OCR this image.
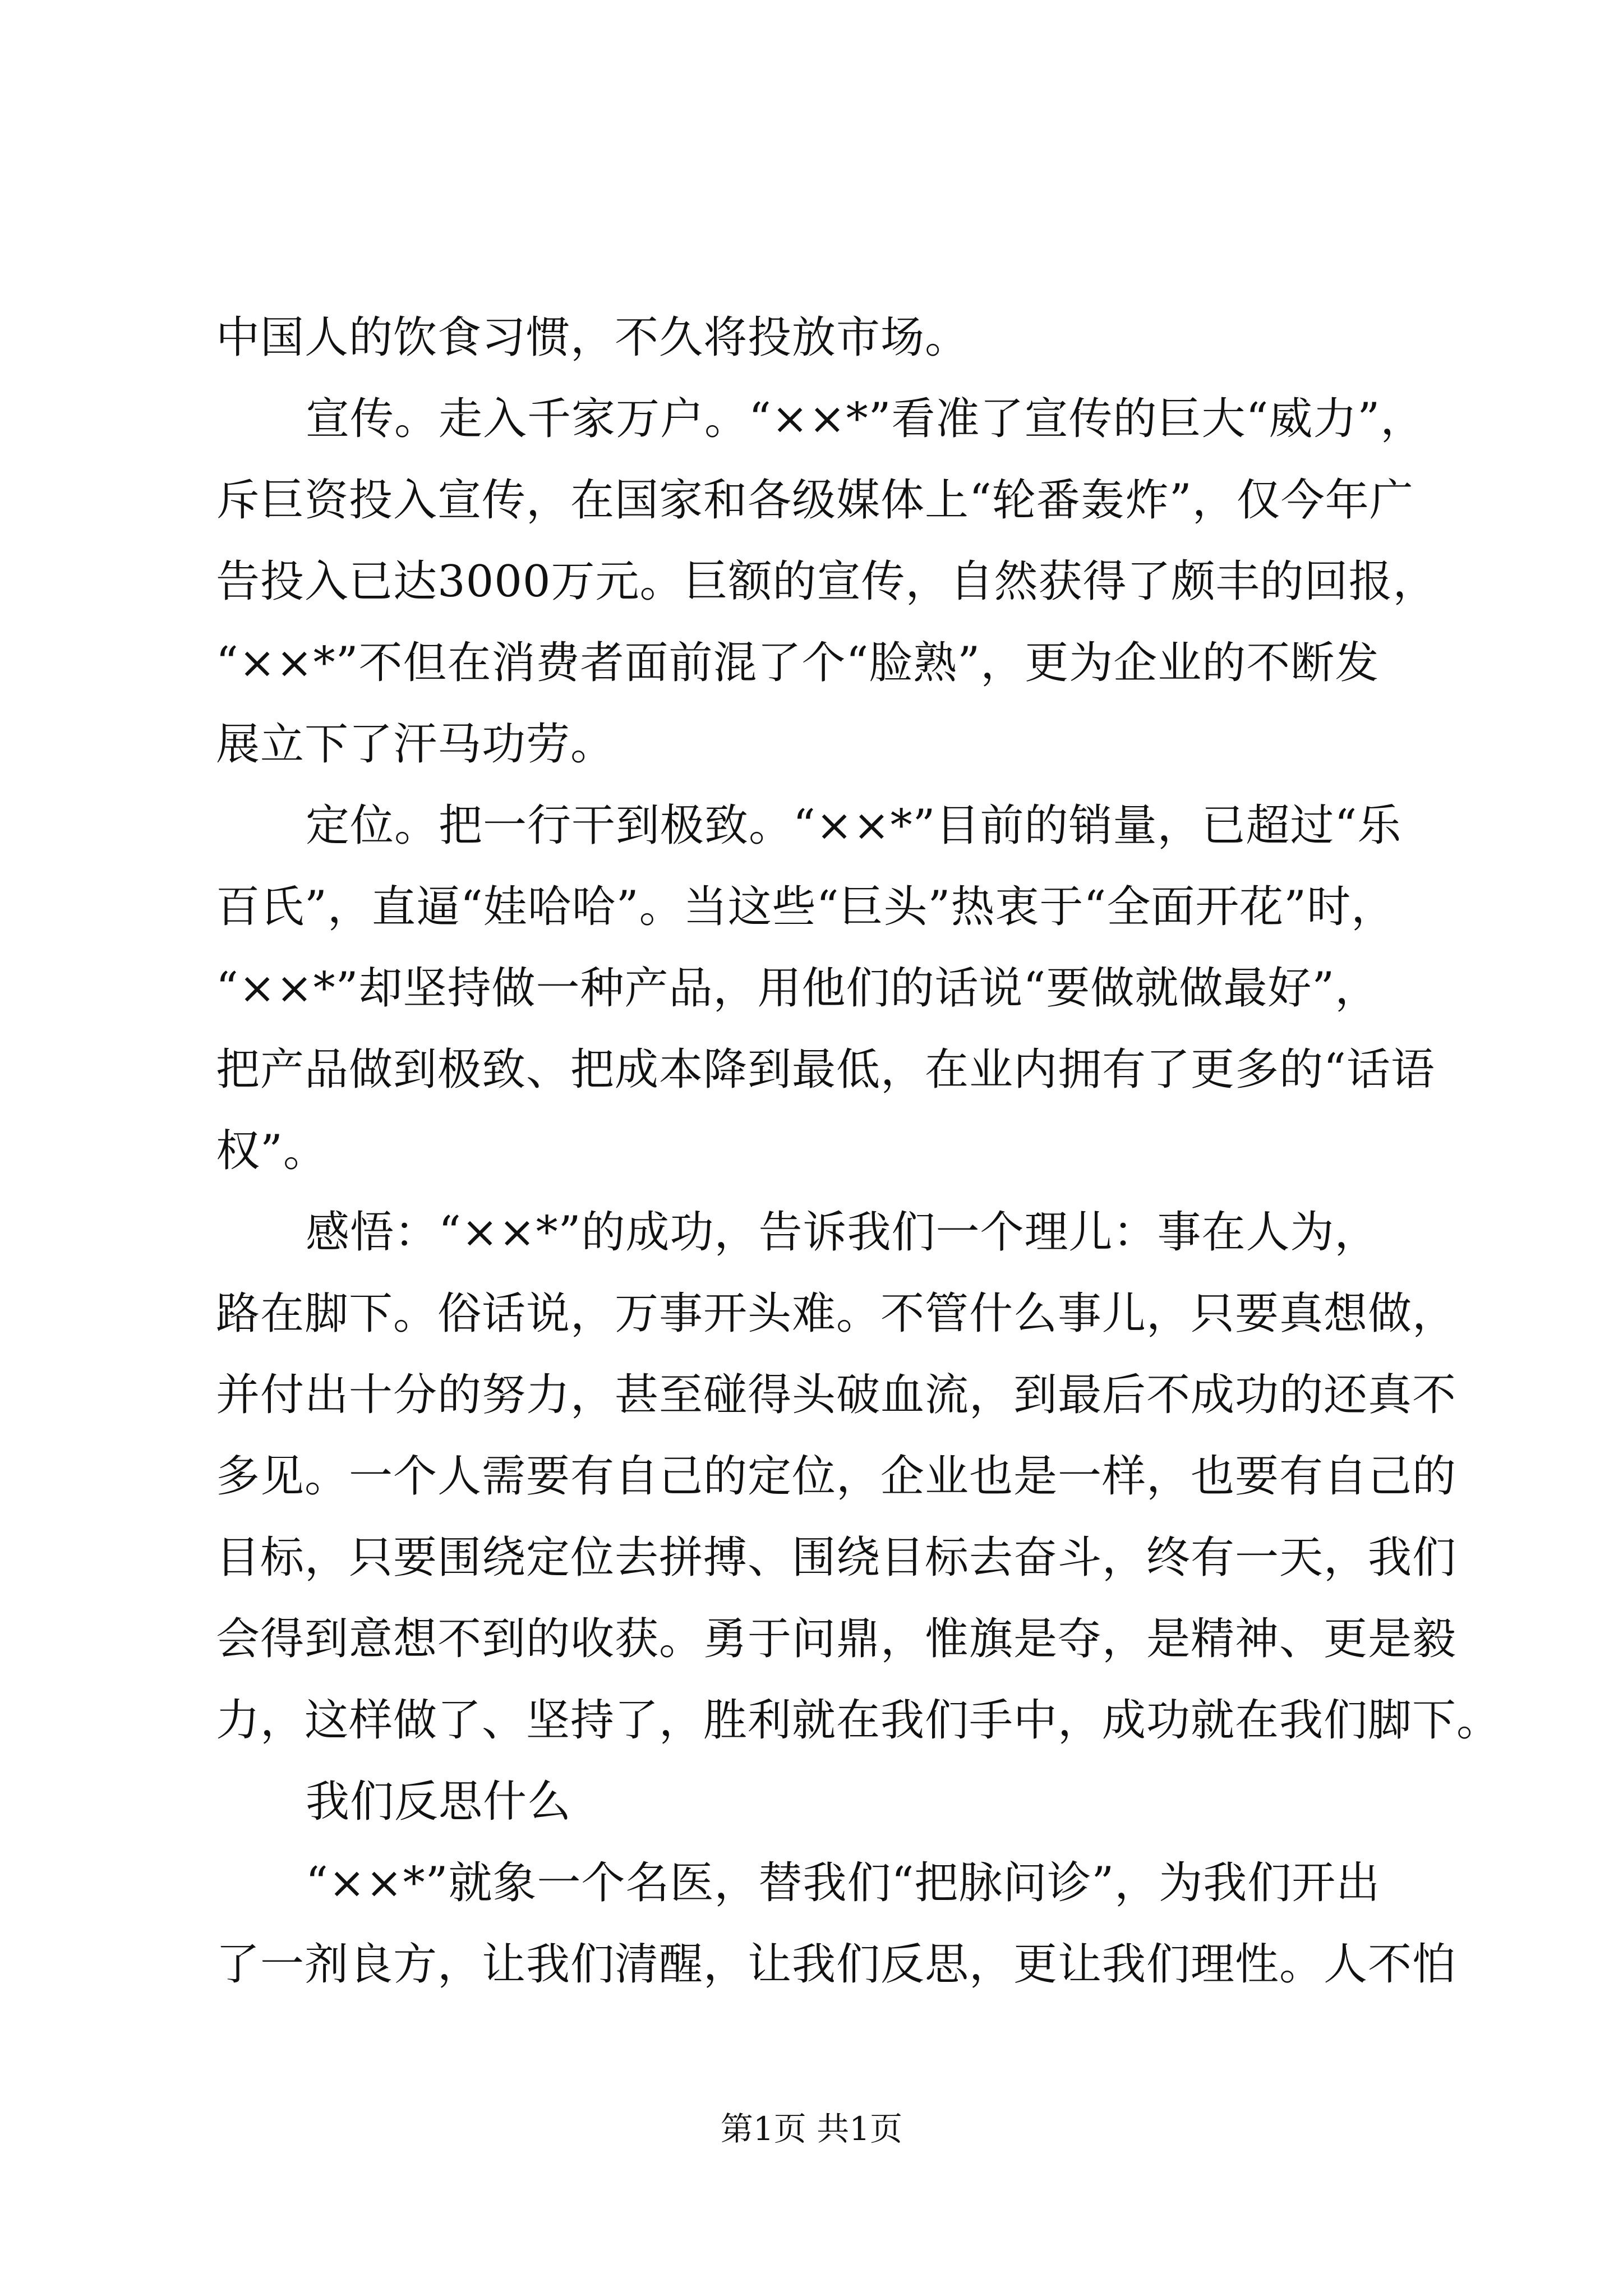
中国人的饮食习惯，不久将投放市场。

宣传。走入千家万户。“××*”看准了宣传的巨大“威力”，

斥巨资投入宣传，在国家和各级媒体上“轮番轰炸”，仅今年广

告投入已达3000万元。巨额的宣传，自然获得了颇丰的回报，

“××*”不但在消费者面前混了个“脸熟”，更为企业的不断发

展立下了汗马功劳。

定位。把一行干到极致。“××*”目前的销量，已超过“乐

百氏”，直逼“娃哈哈”。当这些“巨头”热衷于“全面开花”时，

“××*”却坚持做一种产品，用他们的话说“要做就做最好”，

把产品做到极致、把成本降到最低，在业内拥有了更多的“话语

权”。

感悟：“××*”的成功，告诉我们一个理儿：事在人为，

路在脚下。俗话说，万事开头难。不管什么事儿，只要真想做，

并付出十分的努力，甚至碰得头破血流，到最后不成功的还真不

多见。一个人需要有自己的定位，企业也是一样，也要有自己的

目标，只要围绕定位去拼搏、围绕目标去奋斗，终有一天，我们

会得到意想不到的收获。勇于问鼎，惟旗是夺，是精神、更是毅

力，这样做了、坚持了，胜利就在我们手中，成功就在我们脚下。

我们反思什么

“××*”就象一个名医，替我们“把脉问诊”，为我们开出

了一剂良方，让我们清醒，让我们反思，更让我们理性。人不怕

第1页 共1页
